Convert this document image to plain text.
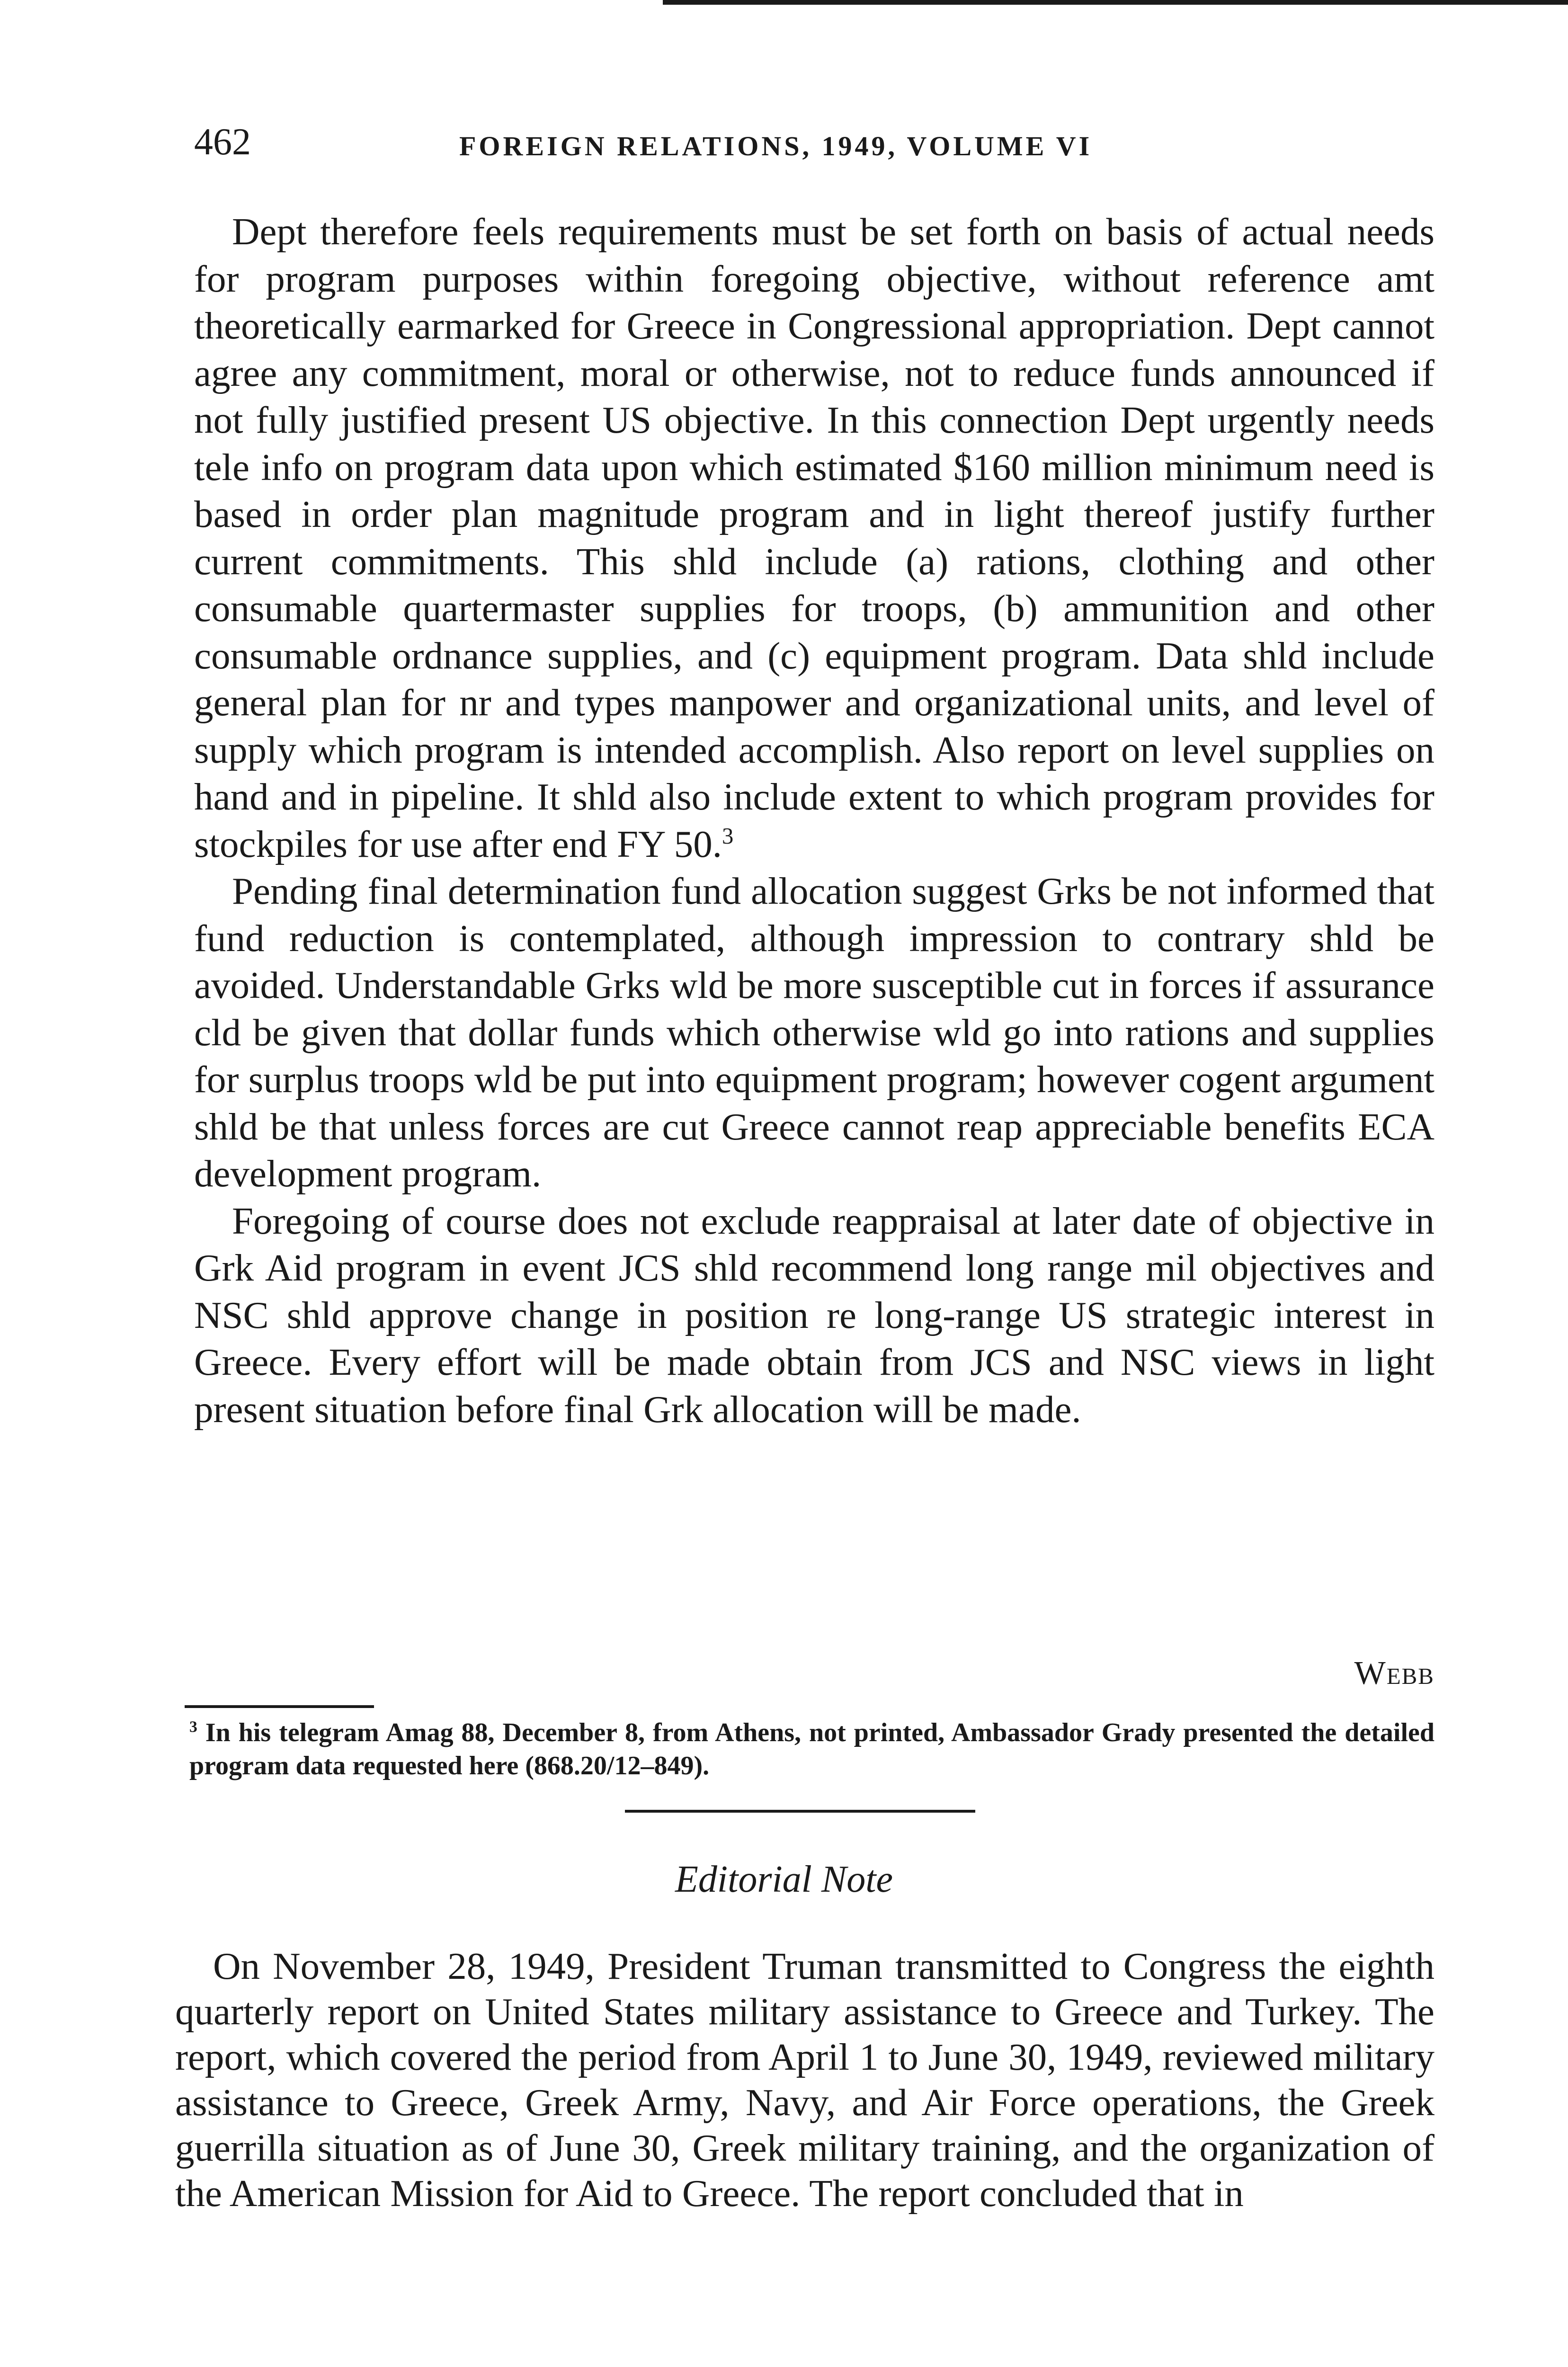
462	FOREIGN RELATIONS, 1949, VOLUME VI

Dept therefore feels requirements must be set forth on basis of actual needs for program purposes within foregoing objective, without reference amt theoretically earmarked for Greece in Congressional appropriation. Dept cannot agree any commitment, moral or otherwise, not to reduce funds announced if not fully justified present US objective. In this connection Dept urgently needs tele info on program data upon which estimated $160 million minimum need is based in order plan magnitude program and in light thereof justify further current commitments. This shld include (a) rations, clothing and other consumable quartermaster supplies for troops, (b) ammunition and other consumable ordnance supplies, and (c) equipment program. Data shld include general plan for nr and types manpower and organizational units, and level of supply which program is intended accomplish. Also report on level supplies on hand and in pipeline. It shld also include extent to which program provides for stockpiles for use after end FY 50.$^3$

Pending final determination fund allocation suggest Grks be not informed that fund reduction is contemplated, although impression to contrary shld be avoided. Understandable Grks wld be more susceptible cut in forces if assurance cld be given that dollar funds which otherwise wld go into rations and supplies for surplus troops wld be put into equipment program; however cogent argument shld be that unless forces are cut Greece cannot reap appreciable benefits ECA development program.

Foregoing of course does not exclude reappraisal at later date of objective in Grk Aid program in event JCS shld recommend long range mil objectives and NSC shld approve change in position re long-range US strategic interest in Greece. Every effort will be made obtain from JCS and NSC views in light present situation before final Grk allocation will be made.

Webb
$^3$ In his telegram Amag 88, December 8, from Athens, not printed, Ambassador Grady presented the detailed program data requested here (868.20/12–849).
Editorial Note

On November 28, 1949, President Truman transmitted to Congress the eighth quarterly report on United States military assistance to Greece and Turkey. The report, which covered the period from April 1 to June 30, 1949, reviewed military assistance to Greece, Greek Army, Navy, and Air Force operations, the Greek guerrilla situation as of June 30, Greek military training, and the organization of the American Mission for Aid to Greece. The report concluded that in
